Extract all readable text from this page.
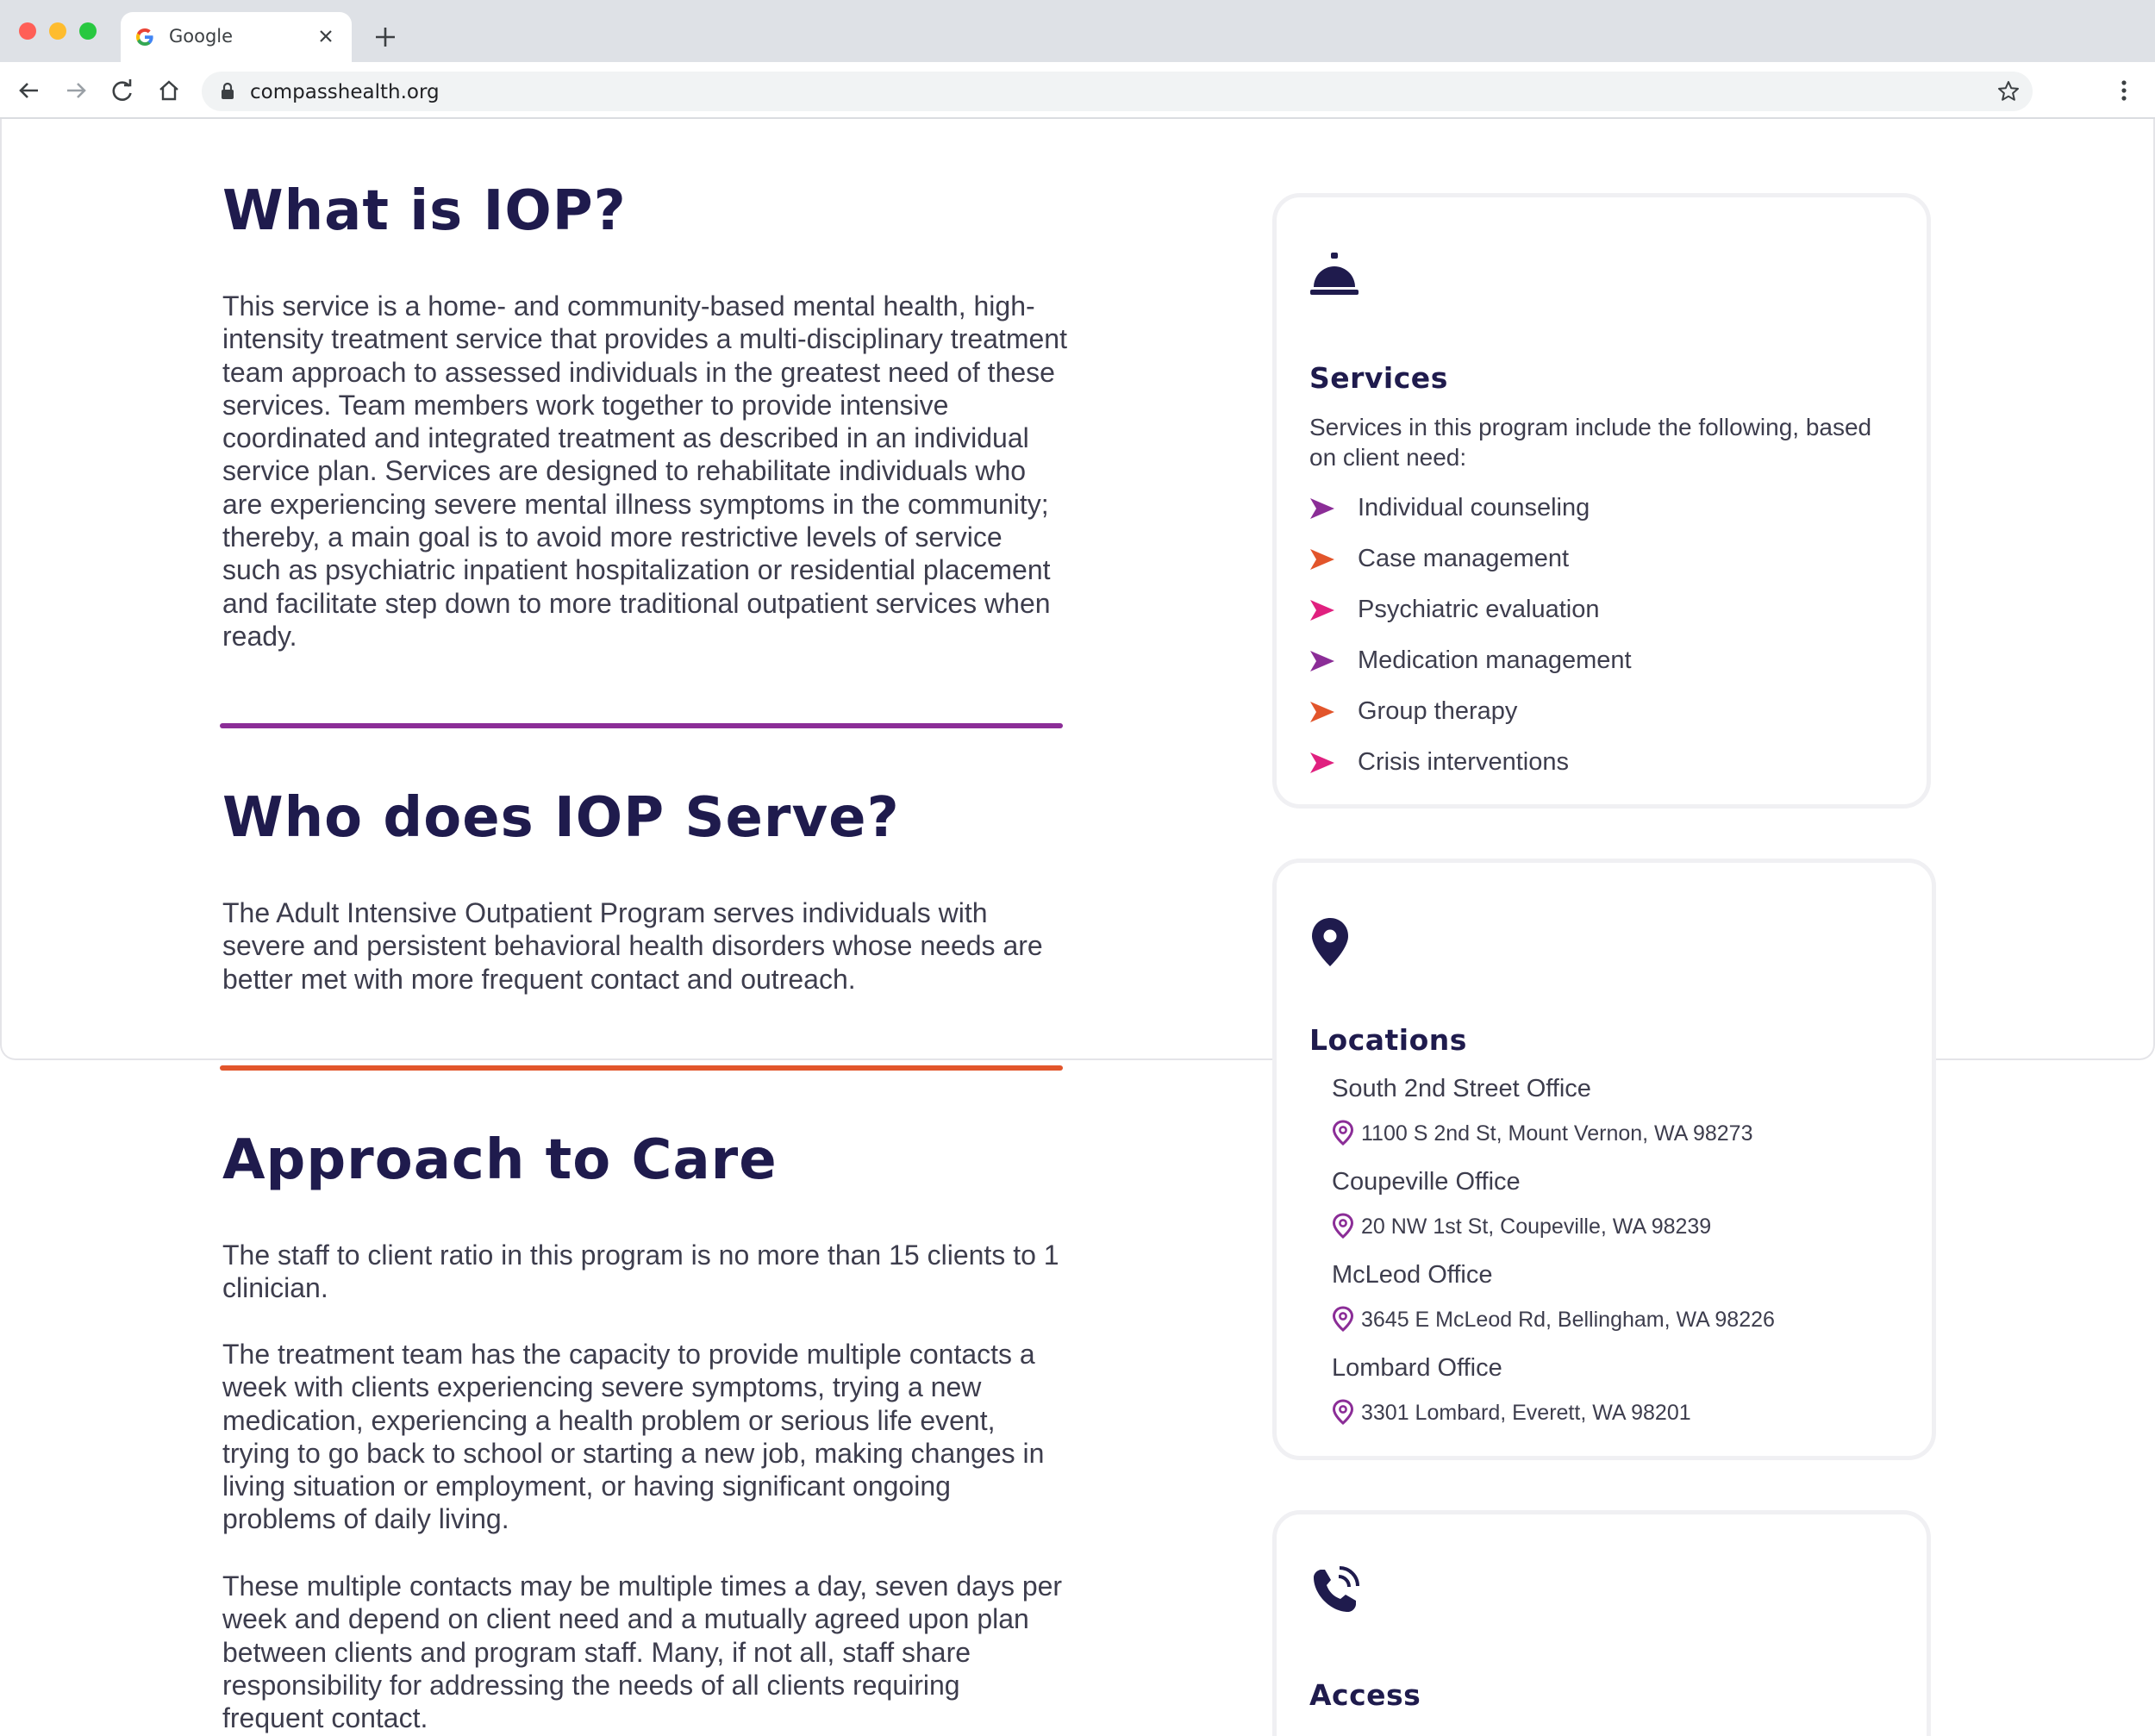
Google
compasshealth.org
What is IOP?

This service is a home- and community-based mental health, high-intensity treatment service that provides a multi-disciplinary treatment team approach to assessed individuals in the greatest need of these services. Team members work together to provide intensive coordinated and integrated treatment as described in an individual service plan. Services are designed to rehabilitate individuals who are experiencing severe mental illness symptoms in the community; thereby, a main goal is to avoid more restrictive levels of service such as psychiatric inpatient hospitalization or residential placement and facilitate step down to more traditional outpatient services when ready.

Who does IOP Serve?

The Adult Intensive Outpatient Program serves individuals with severe and persistent behavioral health disorders whose needs are better met with more frequent contact and outreach.

Approach to Care

The staff to client ratio in this program is no more than 15 clients to 1 clinician.

The treatment team has the capacity to provide multiple contacts a week with clients experiencing severe symptoms, trying a new medication, experiencing a health problem or serious life event, trying to go back to school or starting a new job, making changes in living situation or employment, or having significant ongoing problems of daily living.

These multiple contacts may be multiple times a day, seven days per week and depend on client need and a mutually agreed upon plan between clients and program staff. Many, if not all, staff share responsibility for addressing the needs of all clients requiring frequent contact.

Services

Services in this program include the following, based on client need:

Individual counseling
Case management
Psychiatric evaluation
Medication management
Group therapy
Crisis interventions
Locations
South 2nd Street Office
1100 S 2nd St, Mount Vernon, WA 98273
Coupeville Office
20 NW 1st St, Coupeville, WA 98239
McLeod Office
3645 E McLeod Rd, Bellingham, WA 98226
Lombard Office
3301 Lombard, Everett, WA 98201
Access
